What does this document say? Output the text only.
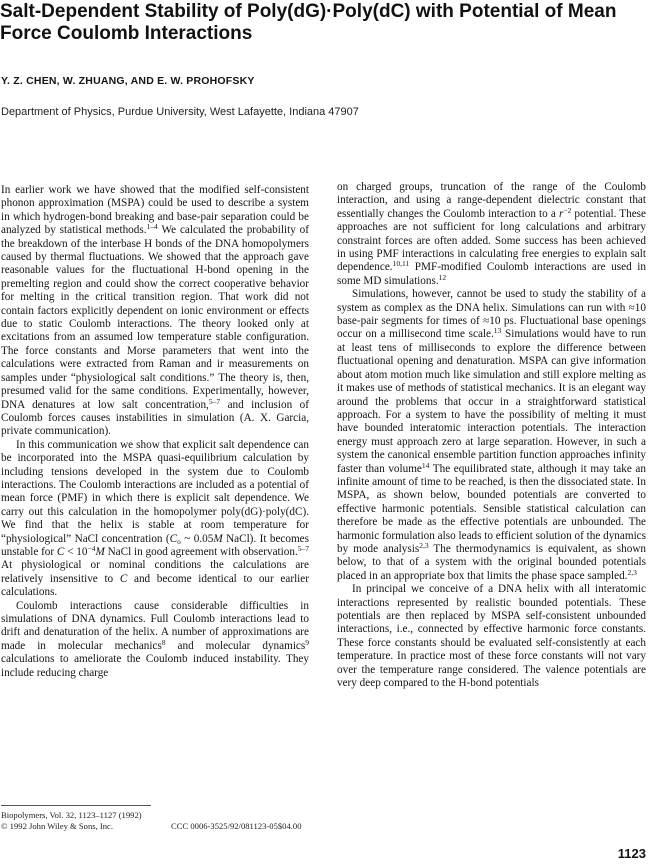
Salt-Dependent Stability of Poly(dG)·Poly(dC) with Potential of Mean
Force Coulomb Interactions
Y. Z. CHEN, W. ZHUANG, AND E. W. PROHOFSKY
Department of Physics, Purdue University, West Lafayette, Indiana 47907

In earlier work we have showed that the modified self-consistent phonon approximation (MSPA) could be used to describe a system in which hydrogen-bond breaking and base-pair separation could be analyzed by statistical methods.$^{1-4}$ We calculated the probability of the breakdown of the interbase H bonds of the DNA homopolymers caused by thermal fluctuations. We showed that the approach gave reasonable values for the fluctuational H-bond opening in the premelting region and could show the correct cooperative behavior for melting in the critical transition region. That work did not contain factors explicitly dependent on ionic environment or effects due to static Coulomb interactions. The theory looked only at excitations from an assumed low temperature stable configuration. The force constants and Morse parameters that went into the calculations were extracted from Raman and ir measurements on samples under “physiological salt conditions.” The theory is, then, presumed valid for the same conditions. Experimentally, however, DNA denatures at low salt concentration,$^{5-7}$ and inclusion of Coulomb forces causes instabilities in simulation (A. X. Garcia, private communication).

In this communication we show that explicit salt dependence can be incorporated into the MSPA quasi-equilibrium calculation by including tensions developed in the system due to Coulomb interactions. The Coulomb interactions are included as a potential of mean force (PMF) in which there is explicit salt dependence. We carry out this calculation in the homopolymer poly(dG)·poly(dC). We find that the helix is stable at room temperature for “physiological” NaCl concentration ($C_o$ ~ 0.05M NaCl). It becomes unstable for $C < 10^{-4}M$ NaCl in good agreement with observation.$^{5-7}$ At physiological or nominal conditions the calculations are relatively insensitive to C and become identical to our earlier calculations.

Coulomb interactions cause considerable difficulties in simulations of DNA dynamics. Full Coulomb interactions lead to drift and denaturation of the helix. A number of approximations are made in molecular mechanics$^8$ and molecular dynamics$^9$ calculations to ameliorate the Coulomb induced instability. They include reducing charge

on charged groups, truncation of the range of the Coulomb interaction, and using a range-dependent dielectric constant that essentially changes the Coulomb interaction to a $r^{-2}$ potential. These approaches are not sufficient for long calculations and arbitrary constraint forces are often added. Some success has been achieved in using PMF interactions in calculating free energies to explain salt dependence.$^{10,11}$ PMF-modified Coulomb interactions are used in some MD simulations.$^{12}$

Simulations, however, cannot be used to study the stability of a system as complex as the DNA helix. Simulations can run with ≈10 base-pair segments for times of ≈10 ps. Fluctuational base openings occur on a millisecond time scale.$^{13}$ Simulations would have to run at least tens of milliseconds to explore the difference between fluctuational opening and denaturation. MSPA can give information about atom motion much like simulation and still explore melting as it makes use of methods of statistical mechanics. It is an elegant way around the problems that occur in a straightforward statistical approach. For a system to have the possibility of melting it must have bounded interatomic interaction potentials. The interaction energy must approach zero at large separation. However, in such a system the canonical ensemble partition function approaches infinity faster than volume$^{14}$ The equilibrated state, although it may take an infinite amount of time to be reached, is then the dissociated state. In MSPA, as shown below, bounded potentials are converted to effective harmonic potentials. Sensible statistical calculation can therefore be made as the effective potentials are unbounded. The harmonic formulation also leads to efficient solution of the dynamics by mode analysis$^{2,3}$ The thermodynamics is equivalent, as shown below, to that of a system with the original bounded potentials placed in an appropriate box that limits the phase space sampled.$^{2,3}$

In principal we conceive of a DNA helix with all interatomic interactions represented by realistic bounded potentials. These potentials are then replaced by MSPA self-consistent unbounded interactions, i.e., connected by effective harmonic force constants. These force constants should be evaluated self-consistently at each temperature. In practice most of these force constants will not vary over the temperature range considered. The valence potentials are very deep compared to the H-bond potentials

Biopolymers, Vol. 32, 1123–1127 (1992)
© 1992 John Wiley & Sons, Inc.	CCC 0006-3525/92/081123-05$04.00
1123
